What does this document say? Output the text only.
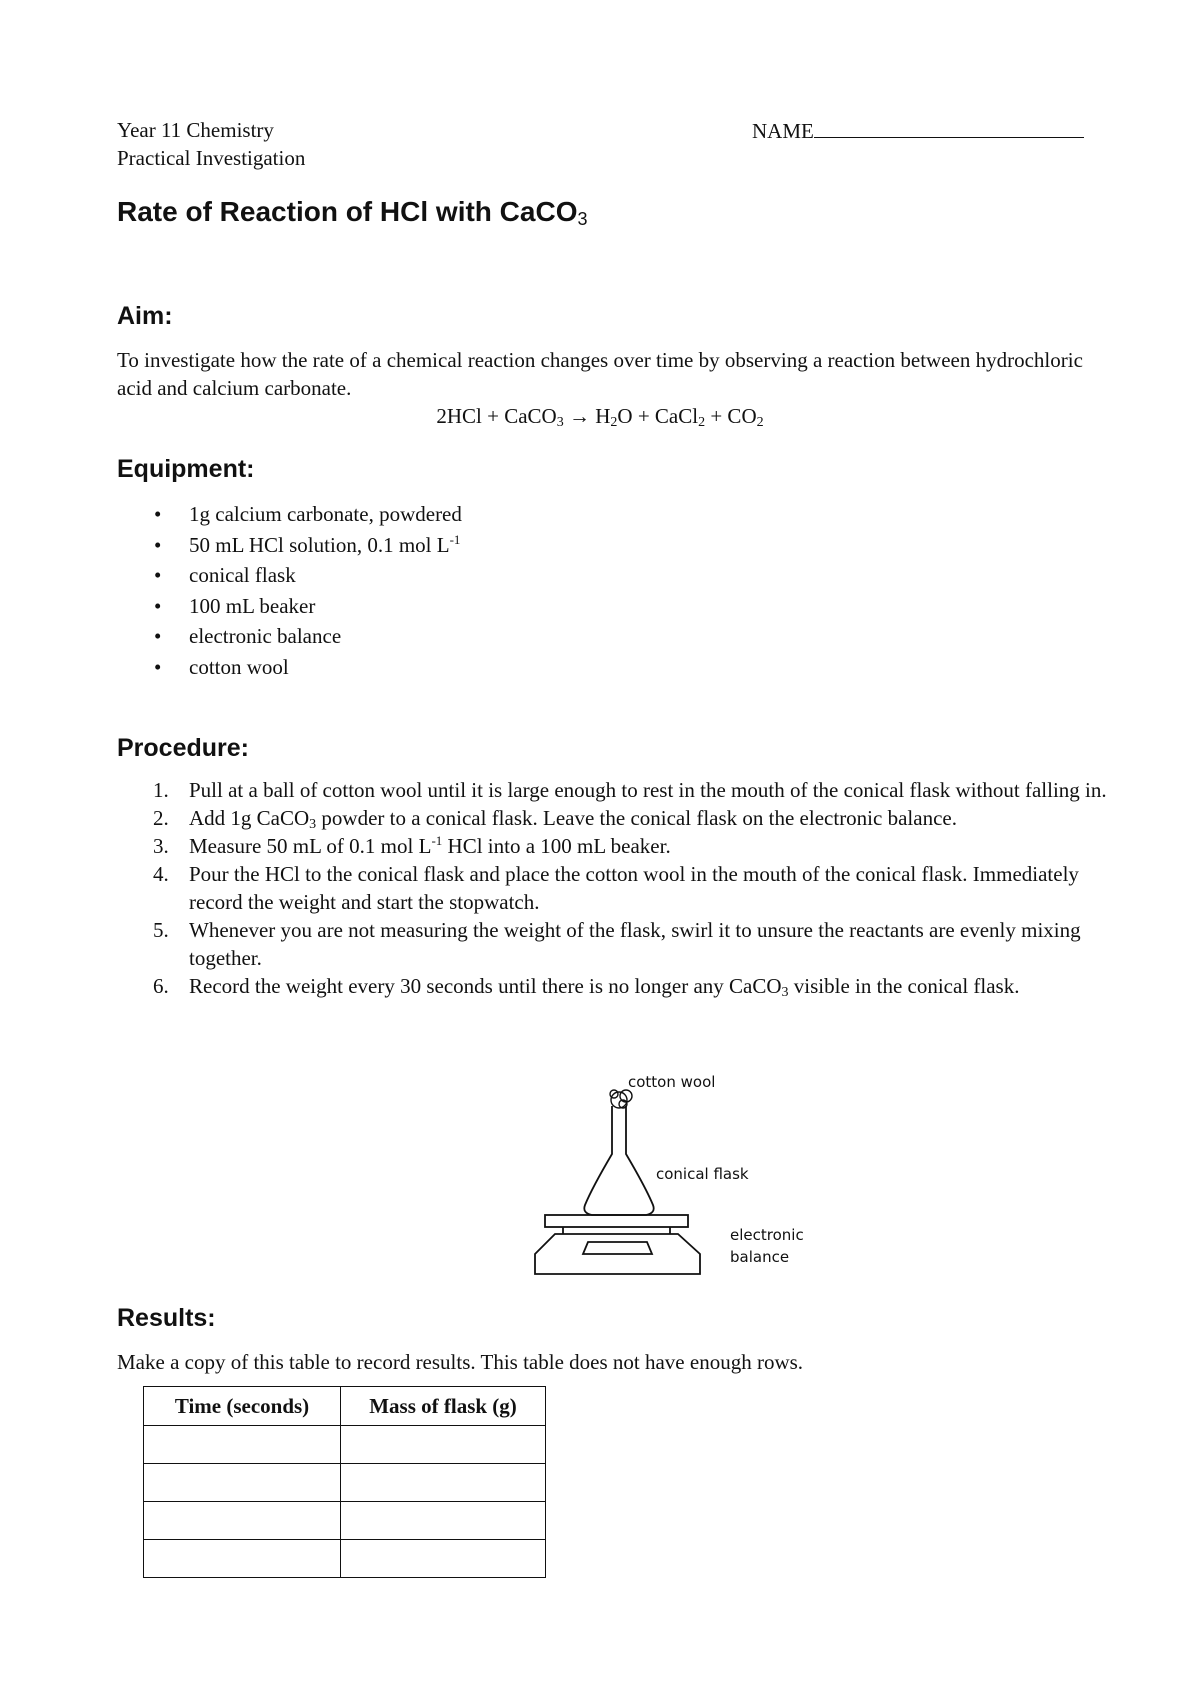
Year 11 Chemistry
Practical Investigation
NAME
Rate of Reaction of HCl with CaCO$_3$
Aim:
To investigate how the rate of a chemical reaction changes over time by observing a reaction between hydrochloric acid and calcium carbonate.
2HCl + CaCO$_3$ → $H_2O$ + CaCl$_2$ + $CO_2$
Equipment:
• 1g calcium carbonate, powdered
• 50 mL HCl solution, 0.1 mol $L^{-1}$
• conical flask
• 100 mL beaker
• electronic balance
• cotton wool
Procedure:
1. Pull at a ball of cotton wool until it is large enough to rest in the mouth of the conical flask without falling in.
2. Add 1g CaCO$_3$ powder to a conical flask. Leave the conical flask on the electronic balance.
3. Measure 50 mL of 0.1 mol $L^{-1}$ HCl into a 100 mL beaker.
4. Pour the HCl to the conical flask and place the cotton wool in the mouth of the conical flask. Immediately record the weight and start the stopwatch.
5. Whenever you are not measuring the weight of the flask, swirl it to unsure the reactants are evenly mixing together.
6. Record the weight every 30 seconds until there is no longer any CaCO$_3$ visible in the conical flask.
cotton wool
conical flask
electronic
balance
Results:
Make a copy of this table to record results. This table does not have enough rows.
Time (seconds)	Mass of flask (g)
